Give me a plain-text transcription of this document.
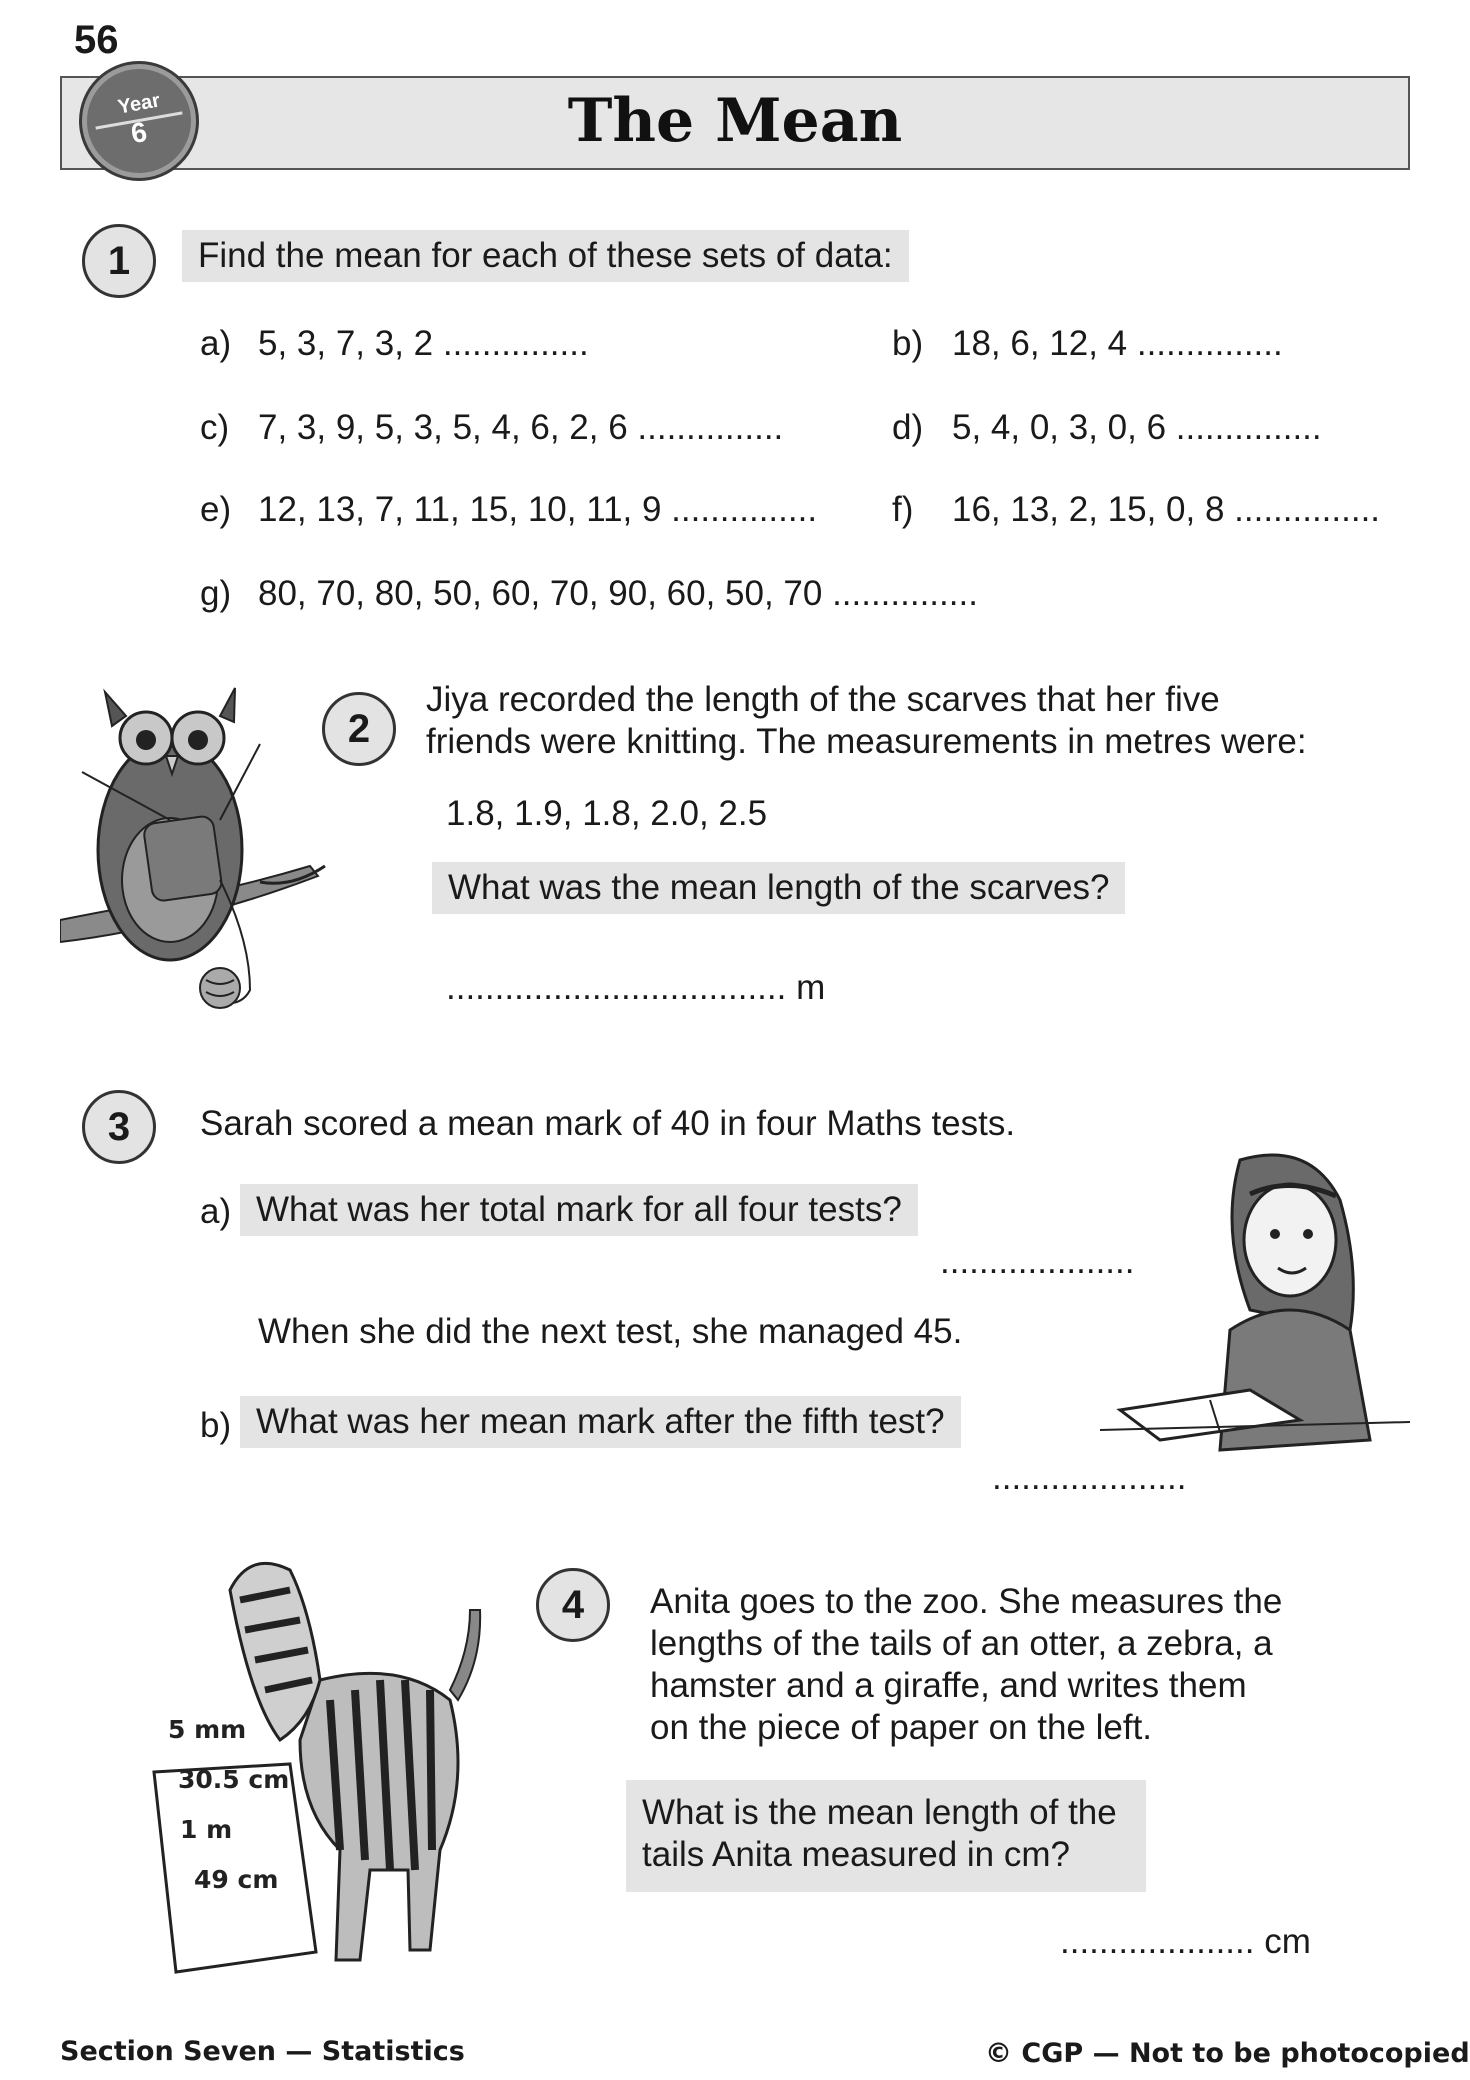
56
The Mean
Year
6
1	Find the mean for each of these sets of data:
a) 5, 3, 7, 3, 2 ...............	b) 18, 6, 12, 4 ...............
c) 7, 3, 9, 5, 3, 5, 4, 6, 2, 6 ...............	d) 5, 4, 0, 3, 0, 6 ...............
e) 12, 13, 7, 11, 15, 10, 11, 9 ............... f) 16, 13, 2, 15, 0, 8 ...............
g) 80, 70, 80, 50, 60, 70, 90, 60, 50, 70 ...............
2
Jiya recorded the length of the scarves that her five
friends were knitting. The measurements in metres were:
1.8, 1.9, 1.8, 2.0, 2.5
What was the mean length of the scarves?
................................... m
3	Sarah scored a mean mark of 40 in four Maths tests.
a) What was her total mark for all four tests?
....................
When she did the next test, she managed 45.
b) What was her mean mark after the fifth test?
....................
5 mm
30.5 cm
1 m
49 cm
4	Anita goes to the zoo. She measures the
lengths of the tails of an otter, a zebra, a
hamster and a giraffe, and writes them
on the piece of paper on the left.
What is the mean length of the
tails Anita measured in cm?
.................... cm
Section Seven — Statistics	© CGP — Not to be photocopied
